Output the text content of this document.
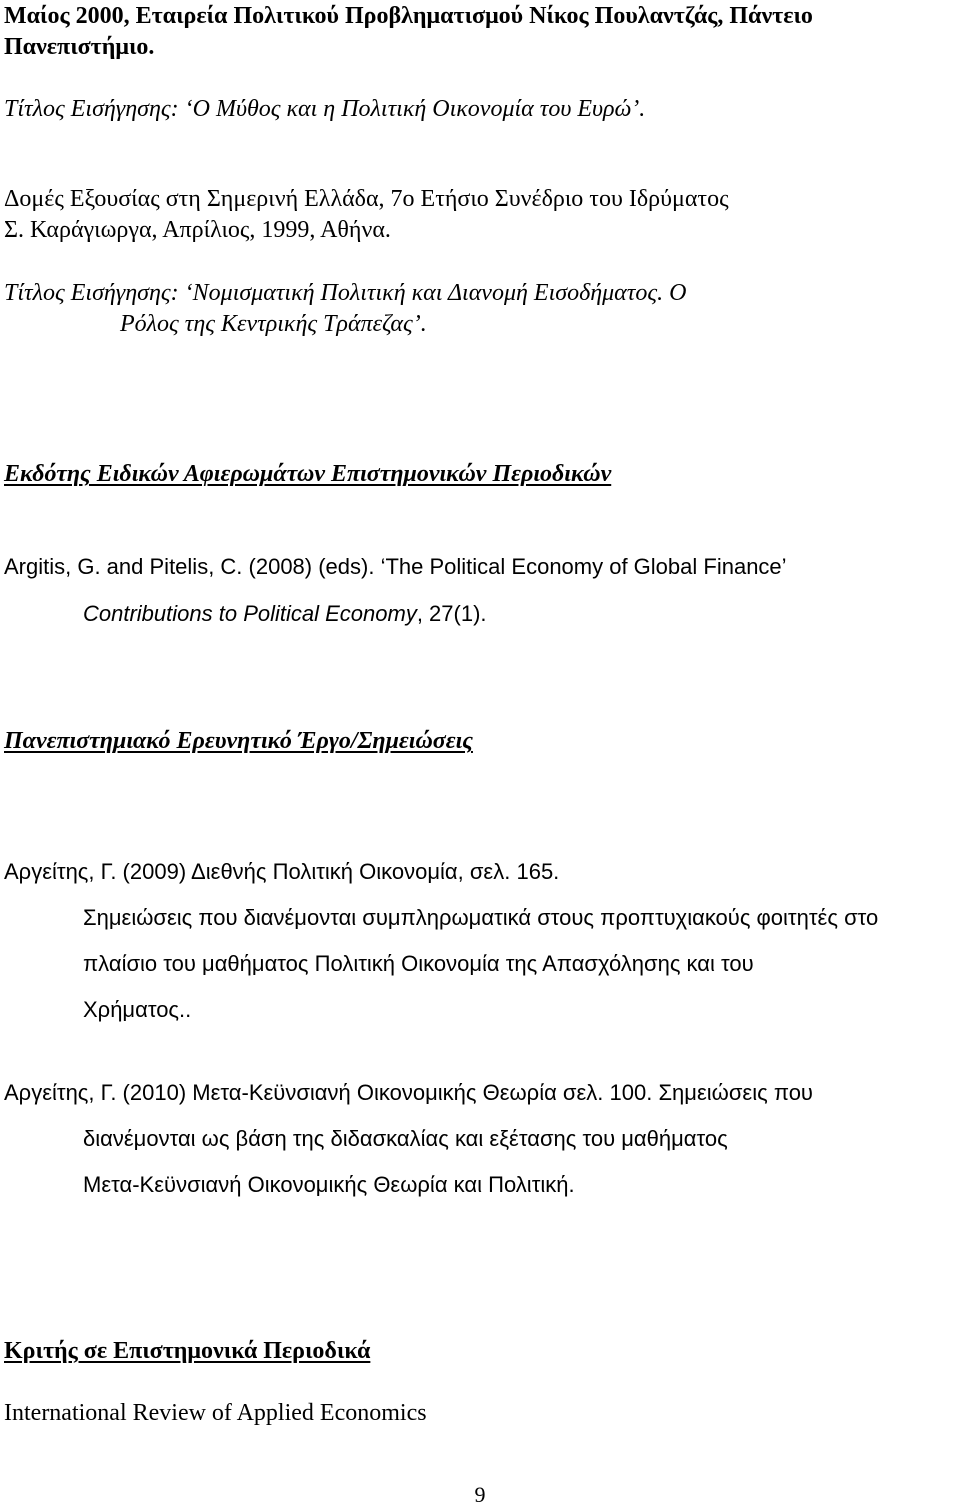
Μαίος 2000, Εταιρεία Πολιτικού Προβληματισμού Νίκος Πουλαντζάς, Πάντειο
Πανεπιστήμιο.
Τίτλος Εισήγησης: ‘Ο Μύθος και η Πολιτική Οικονομία του Ευρώ’.
Δομές Εξουσίας στη Σημερινή Ελλάδα, 7ο Ετήσιο Συνέδριο του Ιδρύματος
Σ. Καράγιωργα, Απρίλιος, 1999, Αθήνα.
Τίτλος Εισήγησης: ‘Νομισματική Πολιτική και Διανομή Εισοδήματος. Ο
Ρόλος της Κεντρικής Τράπεζας’.
Εκδότης Ειδικών Αφιερωμάτων Επιστημονικών Περιοδικών
Argitis, G. and Pitelis, C. (2008) (eds). ‘The Political Economy of Global Finance’
Contributions to Political Economy, 27(1).
Πανεπιστημιακό Ερευνητικό Έργο/Σημειώσεις
Αργείτης, Γ. (2009) Διεθνής Πολιτική Οικονομία, σελ. 165.
Σημειώσεις που διανέμονται συμπληρωματικά στους προπτυχιακούς φοιτητές στο
πλαίσιο του μαθήματος Πολιτική Οικονομία της Απασχόλησης και του
Χρήματος..
Αργείτης, Γ. (2010) Μετα-Κεϋνσιανή Οικονομικής Θεωρία σελ. 100. Σημειώσεις που
διανέμονται ως βάση της διδασκαλίας και εξέτασης του μαθήματος
Μετα-Κεϋνσιανή Οικονομικής Θεωρία και Πολιτική.
Κριτής σε Επιστημονικά Περιοδικά
International Review of Applied Economics
9
